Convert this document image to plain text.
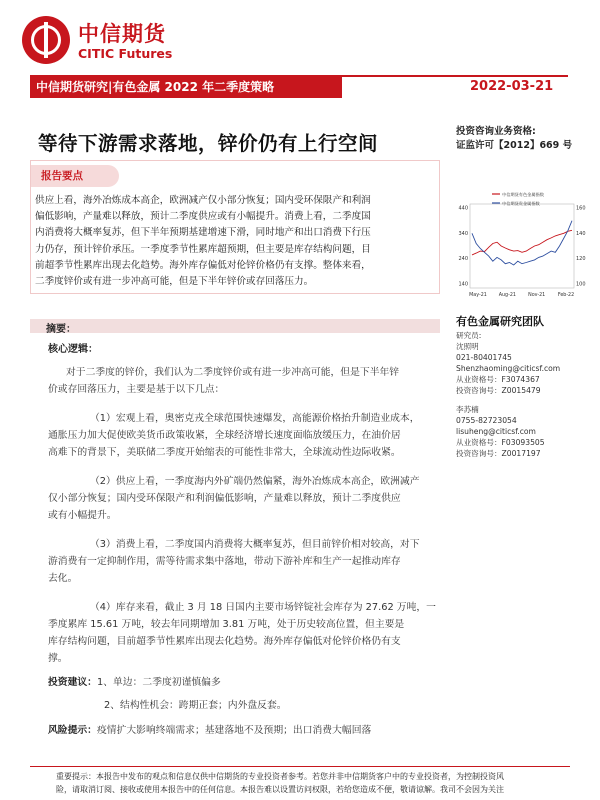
中信期货
CITIC Futures
中信期货研究|有色金属 2022 年二季度策略	2022-03-21
等待下游需求落地，锌价仍有上行空间
投资咨询业务资格:
证监许可【2012】669 号
报告要点
供应上看，海外冶炼成本高企，欧洲减产仅小部分恢复；国内受环保限产和利润
偏低影响，产量难以释放，预计二季度供应或有小幅提升。消费上看，二季度国
内消费将大概率复苏，但下半年预期基建增速下滑，同时地产和出口消费下行压
力仍存，预计锌价承压。一季度季节性累库超预期，但主要是库存结构问题，目
前超季节性累库出现去化趋势。海外库存偏低对伦锌价格仍有支撑。整体来看，
二季度锌价或有进一步冲高可能，但是下半年锌价或存回落压力。
摘要：
核心逻辑：
对于二季度的锌价，我们认为二季度锌价或有进一步冲高可能，但是下半年锌
价或存回落压力，主要是基于以下几点：
（1）宏观上看，奥密克戎全球范围快速爆发，高能源价格抬升制造业成本，
通胀压力加大促使欧美货币政策收紧，全球经济增长速度面临放缓压力，在油价居
高难下的背景下，美联储二季度开始缩表的可能性非常大，全球流动性边际收紧。
（2）供应上看，一季度海内外矿端仍然偏紧，海外冶炼成本高企，欧洲减产
仅小部分恢复；国内受环保限产和利润偏低影响，产量难以释放，预计二季度供应
或有小幅提升。
（3）消费上看，二季度国内消费将大概率复苏，但目前锌价相对较高，对下
游消费有一定抑制作用，需等待需求集中落地，带动下游补库和生产一起推动库存
去化。
（4）库存来看，截止 3 月 18 日国内主要市场锌锭社会库存为 27.62 万吨，一
季度累库 15.61 万吨，较去年同期增加 3.81 万吨，处于历史较高位置，但主要是
库存结构问题，目前超季节性累库出现去化趋势。海外库存偏低对伦锌价格仍有支
撑。
投资建议：1、单边：二季度初谨慎偏多
2、结构性机会：跨期正套；内外盘反套。
风险提示：疫情扩大影响终端需求；基建落地不及预期；出口消费大幅回落
中信期货有色金属指数
中信期货贵金属指数
440
340
240
140
160
140
120
100
May-21 Aug-21	Nov-21	Feb-22
有色金属研究团队
研究员:
沈照明
021-80401745
Shenzhaoming@citicsf.com
从业资格号：F3074367
投资咨询号：Z0015479
李苏楠
0755-82723054
lisuheng@citicsf.com
从业资格号：F03093505
投资咨询号：Z0017197
重要提示：本报告中发布的观点和信息仅供中信期货的专业投资者参考。若您并非中信期货客户中的专业投资者，为控制投资风
险，请取消订阅、接收或使用本报告中的任何信息。本报告难以设置访问权限，若给您造成不便，敬请谅解。我司不会因为关注
